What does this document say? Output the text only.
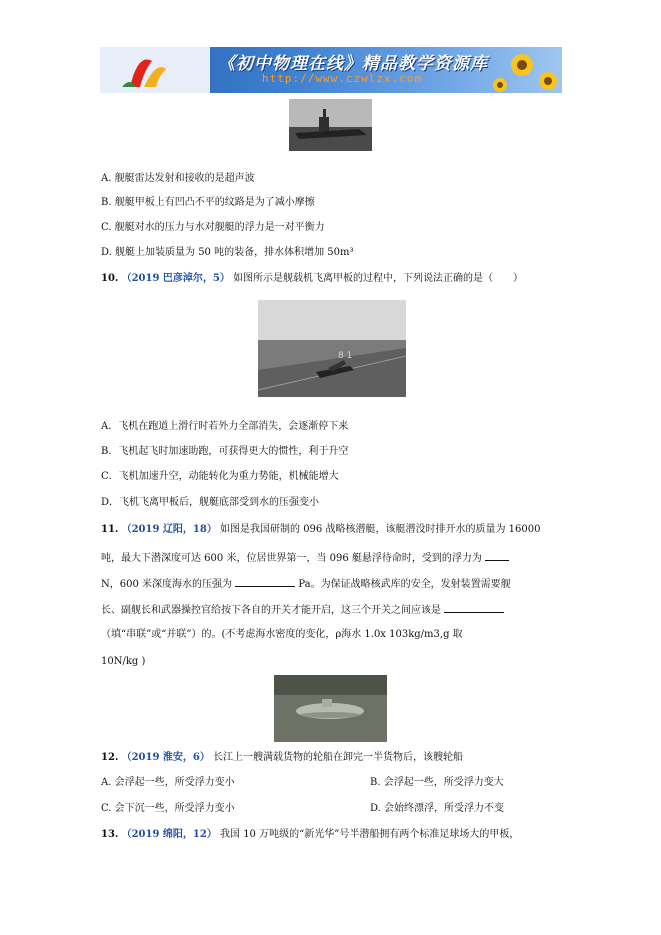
《初中物理在线》精品教学资源库
http://www.czwlzx.com
A. 舰艇雷达发射和接收的是超声波
B. 舰艇甲板上有凹凸不平的纹路是为了减小摩擦
C. 舰艇对水的压力与水对舰艇的浮力是一对平衡力
D. 舰艇上加装质量为 50 吨的装备，排水体积增加 50m³
10. （2019 巴彦淖尔，5） 如图所示是舰载机飞离甲板的过程中，下列说法正确的是（　　）
8 1
A．飞机在跑道上滑行时若外力全部消失，会逐渐停下来
B．飞机起飞时加速助跑，可获得更大的惯性，利于升空
C．飞机加速升空，动能转化为重力势能，机械能增大
D．飞机飞离甲板后，舰艇底部受到水的压强变小
11. （2019 辽阳，18） 如图是我国研制的 096 战略核潜艇，该艇潜没时排开水的质量为 16000
吨，最大下潜深度可达 600 米，位居世界第一，当 096 艇悬浮待命时，受到的浮力为
N，600 米深度海水的压强为	Pa。为保证战略核武库的安全，发射装置需要舰
长、副舰长和武器操控官给按下各自的开关才能开启，这三个开关之间应该是
（填“串联”或“并联”）的。(不考虑海水密度的变化，ρ海水 1.0x 103kg/m3,g 取
10N/kg )
12. （2019 淮安，6） 长江上一艘满载货物的轮船在卸完一半货物后，该艘轮船
A. 会浮起一些，所受浮力变小	B. 会浮起一些，所受浮力变大
C. 会下沉一些，所受浮力变小	D. 会始终漂浮，所受浮力不变
13. （2019 绵阳，12） 我国 10 万吨级的“新光华”号半潜船拥有两个标准足球场大的甲板，
